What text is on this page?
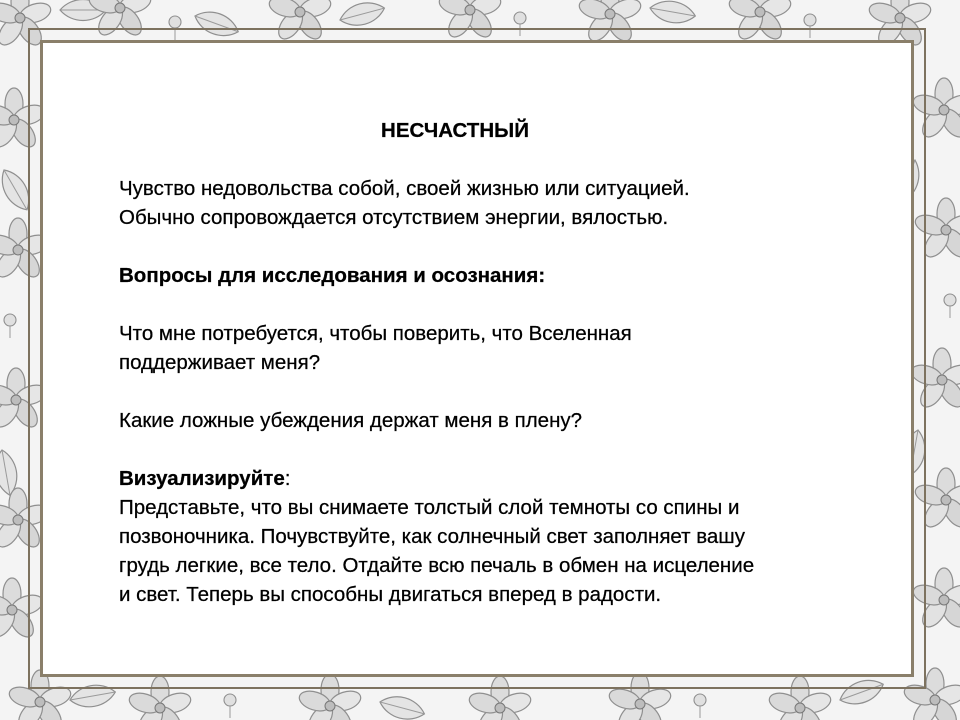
НЕСЧАСТНЫЙ
Чувство недовольства собой, своей жизнью или ситуацией.
Обычно сопровождается отсутствием энергии, вялостью.
Вопросы для исследования и осознания:
Что мне потребуется, чтобы поверить, что Вселенная
поддерживает меня?
Какие ложные убеждения держат меня в плену?
Визуализируйте:
Представьте, что вы снимаете толстый слой темноты со спины и
позвоночника. Почувствуйте, как солнечный свет заполняет вашу
грудь легкие, все тело. Отдайте всю печаль в обмен на исцеление
и свет. Теперь вы способны двигаться вперед в радости.
